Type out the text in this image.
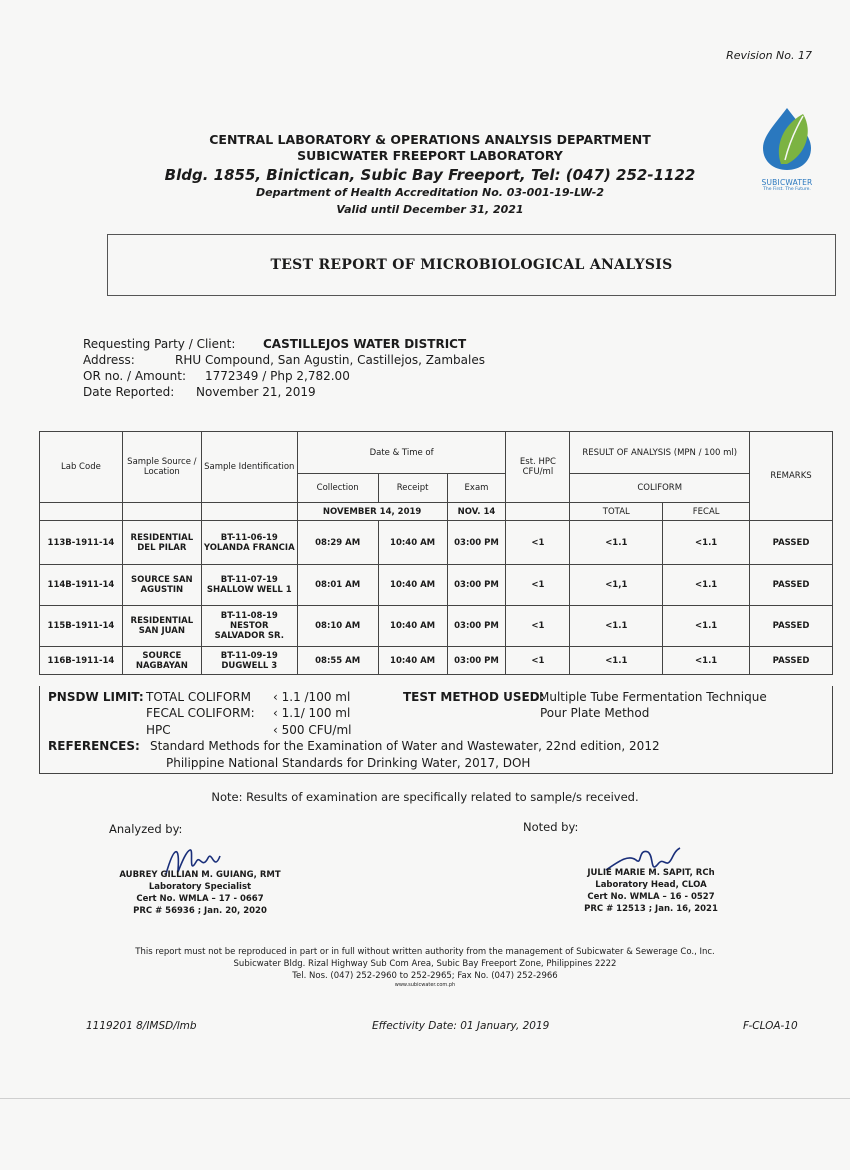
Revision No. 17
CENTRAL LABORATORY & OPERATIONS ANALYSIS DEPARTMENT
SUBICWATER FREEPORT LABORATORY
Bldg. 1855, Binictican, Subic Bay Freeport, Tel: (047) 252-1122
Department of Health Accreditation No. 03-001-19-LW-2
Valid until December 31, 2021
SUBICWATER
The First. The Future.
TEST REPORT OF MICROBIOLOGICAL ANALYSIS
Requesting Party / Client:	CASTILLEJOS WATER DISTRICT
Address:	RHU Compound, San Agustin, Castillejos, Zambales
OR no. / Amount:	1772349 / Php 2,782.00
Date Reported:	November 21, 2019
Lab Code	Sample Source / Location	Sample Identification	Date & Time of			Est. HPC CFU/ml	RESULT OF ANALYSIS (MPN / 100 ml)		REMARKS
			Collection	Receipt	Exam		COLIFORM		
			NOVEMBER 14, 2019		NOV. 14		TOTAL	FECAL	
113B-1911-14	RESIDENTIAL DEL PILAR	BT-11-06-19 YOLANDA FRANCIA	08:29 AM	10:40 AM	03:00 PM	<1	<1.1	<1.1	PASSED
114B-1911-14	SOURCE SAN AGUSTIN	BT-11-07-19 SHALLOW WELL 1	08:01 AM	10:40 AM	03:00 PM	<1	<1,1	<1.1	PASSED
115B-1911-14	RESIDENTIAL SAN JUAN	BT-11-08-19 NESTOR SALVADOR SR.	08:10 AM	10:40 AM	03:00 PM	<1	<1.1	<1.1	PASSED
116B-1911-14	SOURCE NAGBAYAN	BT-11-09-19 DUGWELL 3	08:55 AM	10:40 AM	03:00 PM	<1	<1.1	<1.1	PASSED
PNSDW LIMIT: TOTAL COLIFORM ‹ 1.1 /100 ml
FECAL COLIFORM: ‹ 1.1/ 100 ml
HPC	‹ 500 CFU/ml
TEST METHOD USED:
Multiple Tube Fermentation Technique
Pour Plate Method
REFERENCES: Standard Methods for the Examination of Water and Wastewater, 22nd edition, 2012
Philippine National Standards for Drinking Water, 2017, DOH
Note: Results of examination are specifically related to sample/s received.
Analyzed by:	Noted by:
AUBREY GILLIAN M. GUIANG, RMT
Laboratory Specialist
Cert No. WMLA – 17 - 0667
PRC # 56936 ; Jan. 20, 2020
JULIE MARIE M. SAPIT, RCh
Laboratory Head, CLOA
Cert No. WMLA – 16 - 0527
PRC # 12513 ; Jan. 16, 2021
This report must not be reproduced in part or in full without written authority from the management of Subicwater & Sewerage Co., Inc.
Subicwater Bldg. Rizal Highway Sub Com Area, Subic Bay Freeport Zone, Philippines 2222
Tel. Nos. (047) 252-2960 to 252-2965; Fax No. (047) 252-2966
www.subicwater.com.ph
1119201 8/IMSD/lmb	Effectivity Date: 01 January, 2019	F-CLOA-10
